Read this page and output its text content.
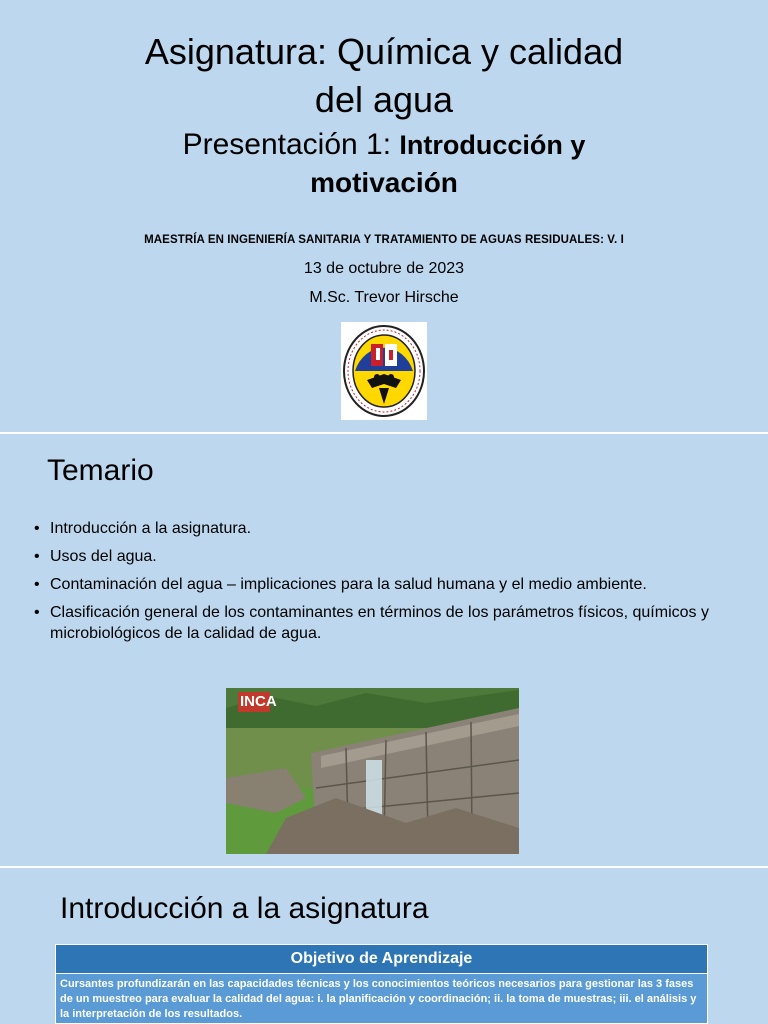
Asignatura: Química y calidad
del agua
Presentación 1: Introducción y
motivación
MAESTRÍA EN INGENIERÍA SANITARIA Y TRATAMIENTO DE AGUAS RESIDUALES: V. I
13 de octubre de 2023
M.Sc. Trevor Hirsche
Temario
• Introducción a la asignatura.
• Usos del agua.
• Contaminación del agua – implicaciones para la salud humana y el medio ambiente.
• Clasificación general de los contaminantes en términos de los parámetros físicos, químicos y microbiológicos de la calidad de agua.
INCA
Introducción a la asignatura
Objetivo de Aprendizaje
Cursantes profundizarán en las capacidades técnicas y los conocimientos teóricos necesarios para gestionar las 3 fases de un muestreo para evaluar la calidad del agua: i. la planificación y coordinación; ii. la toma de muestras; iii. el análisis y la interpretación de los resultados.
